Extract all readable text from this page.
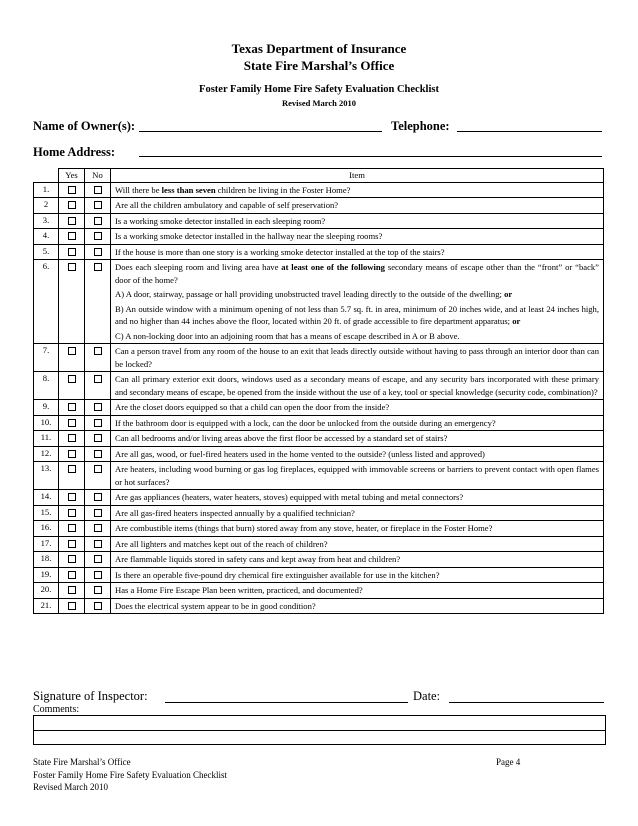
Texas Department of Insurance
State Fire Marshal’s Office
Foster Family Home Fire Safety Evaluation Checklist
Revised March 2010
Name of Owner(s):	Telephone:
Home Address:
	Yes	No	Item
1.			Will there be less than seven children be living in the Foster Home?

2			Are all the children ambulatory and capable of self preservation?

3.			Is a working smoke detector installed in each sleeping room?

4.			Is a working smoke detector installed in the hallway near the sleeping rooms?

5.			If the house is more than one story is a working smoke detector installed at the top of the stairs?

6.			Does each sleeping room and living area have at least one of the following secondary means of escape other than the “front” or “back” door of the home?

A) A door, stairway, passage or hall providing unobstructed travel leading directly to the outside of the dwelling; or

B) An outside window with a minimum opening of not less than 5.7 sq. ft. in area, minimum of 20 inches wide, and at least 24 inches high, and no higher than 44 inches above the floor, located within 20 ft. of grade accessible to fire department apparatus; or

C) A non-locking door into an adjoining room that has a means of escape described in A or B above.

7.			Can a person travel from any room of the house to an exit that leads directly outside without having to pass through an interior door than can be locked?

8.			Can all primary exterior exit doors, windows used as a secondary means of escape, and any security bars incorporated with these primary and secondary means of escape, be opened from the inside without the use of a key, tool or special knowledge (security code, combination)?

9.			Are the closet doors equipped so that a child can open the door from the inside?

10.			If the bathroom door is equipped with a lock, can the door be unlocked from the outside during an emergency?

11.			Can all bedrooms and/or living areas above the first floor be accessed by a standard set of stairs?

12.			Are all gas, wood, or fuel-fired heaters used in the home vented to the outside? (unless listed and approved)

13.			Are heaters, including wood burning or gas log fireplaces, equipped with immovable screens or barriers to prevent contact with open flames or hot surfaces?

14.			Are gas appliances (heaters, water heaters, stoves) equipped with metal tubing and metal connectors?

15.			Are all gas-fired heaters inspected annually by a qualified technician?

16.			Are combustible items (things that burn) stored away from any stove, heater, or fireplace in the Foster Home?

17.			Are all lighters and matches kept out of the reach of children?

18.			Are flammable liquids stored in safety cans and kept away from heat and children?

19.			Is there an operable five-pound dry chemical fire extinguisher available for use in the kitchen?

20.			Has a Home Fire Escape Plan been written, practiced, and documented?

21.			Does the electrical system appear to be in good condition?

Signature of Inspector:	Date:
Comments:
State Fire Marshal’s Office
Foster Family Home Fire Safety Evaluation Checklist
Revised March 2010
Page 4
